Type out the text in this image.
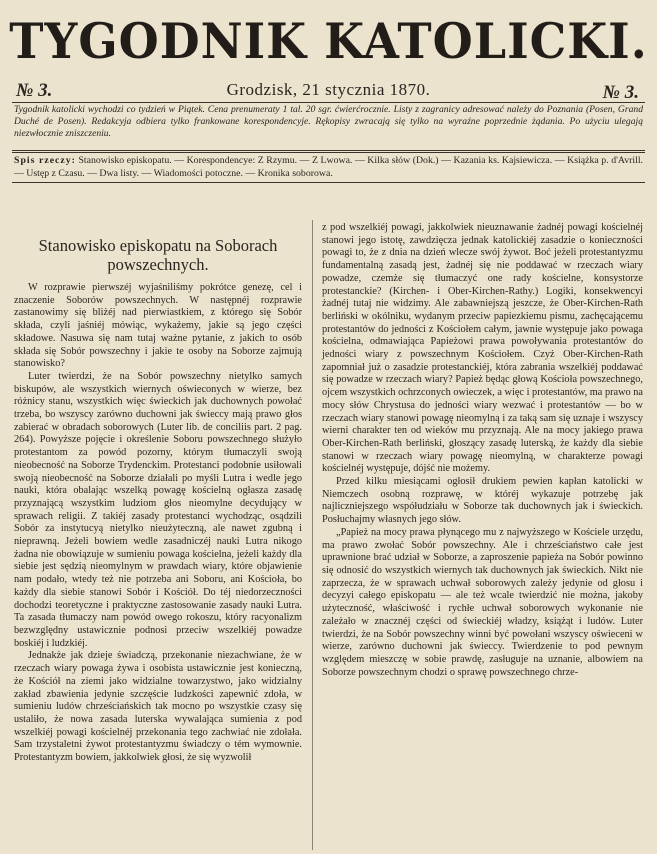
TYGODNIK KATOLICKI.
№ 3.	Grodzisk, 21 stycznia 1870.	№ 3.
Tygodnik katolicki wychodzi co tydzień w Piątek. Cena prenumeraty 1 tal. 20 sgr. ćwierćrocznie. Listy z zagranicy adresować należy do Poznania (Posen, Grand Duché de Posen). Redakcyja odbiera tylko frankowane korespondencyje. Rękopisy zwracają się tylko na wyraźne poprzednie żądania. Po użyciu ulegają niezwłocznie zniszczeniu.
Spis rzeczy: Stanowisko episkopatu. — Korespondencye: Z Rzymu. — Z Lwowa. — Kilka słów (Dok.) — Kazania ks. Kajsiewicza. — Książka p. d'Avrill. — Ustęp z Czasu. — Dwa listy. — Wiadomości potoczne. — Kronika soborowa.
Stanowisko episkopatu na Soborach powszechnych.

W rozprawie pierwszéj wyjaśniliśmy pokrótce genezę, cel i znaczenie Soborów powszechnych. W następnéj rozprawie zastanowimy się bliżéj nad pierwiastkiem, z którego się Sobór składa, czyli jaśniéj mówiąc, wykażemy, jakie są jego części składowe. Nasuwa się nam tutaj ważne pytanie, z jakich to osób składa się Sobór powszechny i jakie te osoby na Soborze zajmują stanowisko?

Luter twierdzi, że na Sobór powszechny nietylko samych biskupów, ale wszystkich wiernych oświeconych w wierze, bez różnicy stanu, wszystkich więc świeckich jak duchownych powołać trzeba, bo wszyscy zarówno duchowni jak świeccy mają prawo głos zabierać w obradach soborowych (Luter lib. de conciliis part. 2 pag. 264). Powyższe pojęcie i określenie Soboru powszechnego służyło protestantom za powód pozorny, którym tłumaczyli swoją nieobecność na Soborze Trydenckim. Protestanci podobnie usiłowali swoją nieobecność na Soborze działali po myśli Lutra i wedle jego nauki, która obalając wszelką powagę kościelną ogłasza zasadę przyznającą wszystkim ludziom głos nieomylne decydujący w sprawach religii. Z takiéj zasady protestanci wychodząc, osądzili Sobór za instytucyą nietylko nieużyteczną, ale nawet zgubną i nieprawną. Jeżeli bowiem wedle zasadniczéj nauki Lutra nikogo żadna nie obowiązuje w sumieniu powaga kościelna, jeżeli każdy dla siebie jest sędzią nieomylnym w prawdach wiary, które objawienie nam podało, wtedy też nie potrzeba ani Soboru, ani Kościoła, bo każdy dla siebie stanowi Sobór i Kościół. Do téj niedorzeczności dochodzi teoretyczne i praktyczne zastosowanie zasady nauki Lutra. Ta zasada tłumaczy nam powód owego rokoszu, który racyonalizm bezwzględny ustawicznie podnosi przeciw wszelkiéj powadze boskiéj i ludzkiéj.

Jednakże jak dzieje świadczą, przekonanie niezachwiane, że w rzeczach wiary powaga żywa i osobista ustawicznie jest konieczną, że Kościół na ziemi jako widzialne towarzystwo, jako widzialny zakład zbawienia jedynie szczęście ludzkości zapewnić zdoła, w sumieniu ludów chrześciańskich tak mocno po wszystkie czasy się ustaliło, że nowa zasada luterska wywalająca sumienia z pod wszelkiéj powagi kościelnéj przekonania tego zachwiać nie zdołała. Sam trzystaletni żywot protestantyzmu świadczy o tém wymownie. Protestantyzm bowiem, jakkolwiek głosi, że się wyzwolił

z pod wszelkiéj powagi, jakkolwiek nieuznawanie żadnéj powagi kościelnéj stanowi jego istotę, zawdzięcza jednak katolickiéj zasadzie o konieczności powagi to, że z dnia na dzień wlecze swój żywot. Boć jeżeli protestantyzmu fundamentalną zasadą jest, żadnéj się nie poddawać w rzeczach wiary powadze, czemże się tłumaczyć one rady kościelne, konsystorze protestanckie? (Kirchen- i Ober-Kirchen-Rathy.) Logiki, konsekwencyi żadnéj tutaj nie widzimy. Ale zabawniejszą jeszcze, że Ober-Kirchen-Rath berliński w okólniku, wydanym przeciw papiezkiemu pismu, zachęcającemu protestantów do jedności z Kościołem całym, jawnie występuje jako powaga kościelna, odmawiająca Papieżowi prawa powoływania protestantów do jedności wiary z powszechnym Kościołem. Czyż Ober-Kirchen-Rath zapomniał już o zasadzie protestanckiéj, która zabrania wszelkiéj poddawać się powadze w rzeczach wiary? Papież będąc głową Kościoła powszechnego, ojcem wszystkich ochrzconych owieczek, a więc i protestantów, ma prawo na mocy słów Chrystusa do jedności wiary wezwać i protestantów — bo w rzeczach wiary stanowi powagę nieomylną i za taką sam się uznaje i wszyscy wierni charakter ten od wieków mu przyznają. Ale na mocy jakiego prawa Ober-Kirchen-Rath berliński, głoszący zasadę luterską, że każdy dla siebie stanowi w rzeczach wiary powagę nieomylną, w charakterze powagi kościelnéj występuje, dójść nie możemy.

Przed kilku miesiącami ogłosił drukiem pewien kapłan katolicki w Niemczech osobną rozprawę, w któréj wykazuje potrzebę jak najliczniejszego współudziału w Soborze tak duchownych jak i świeckich. Posłuchajmy własnych jego słów.

„Papież na mocy prawa płynącego mu z najwyższego w Kościele urzędu, ma prawo zwołać Sobór powszechny. Ale i chrześciaństwo całe jest uprawnione brać udział w Soborze, a zaproszenie papieża na Sobór powinno się odnosić do wszystkich wiernych tak duchownych jak świeckich. Nikt nie zaprzecza, że w sprawach uchwał soborowych zależy jedynie od głosu i decyzyi całego episkopatu — ale też wcale twierdzić nie można, jakoby użyteczność, właściwość i rychłe uchwał soborowych wykonanie nie zależało w znacznéj części od świeckiéj władzy, książąt i ludów. Luter twierdzi, że na Sobór powszechny winni być powołani wszyscy oświeceni w wierze, zarówno duchowni jak świeccy. Twierdzenie to pod pewnym względem mieszczę w sobie prawdę, zasługuje na uznanie, albowiem na Soborze powszechnym chodzi o sprawę powszechnego chrze-
